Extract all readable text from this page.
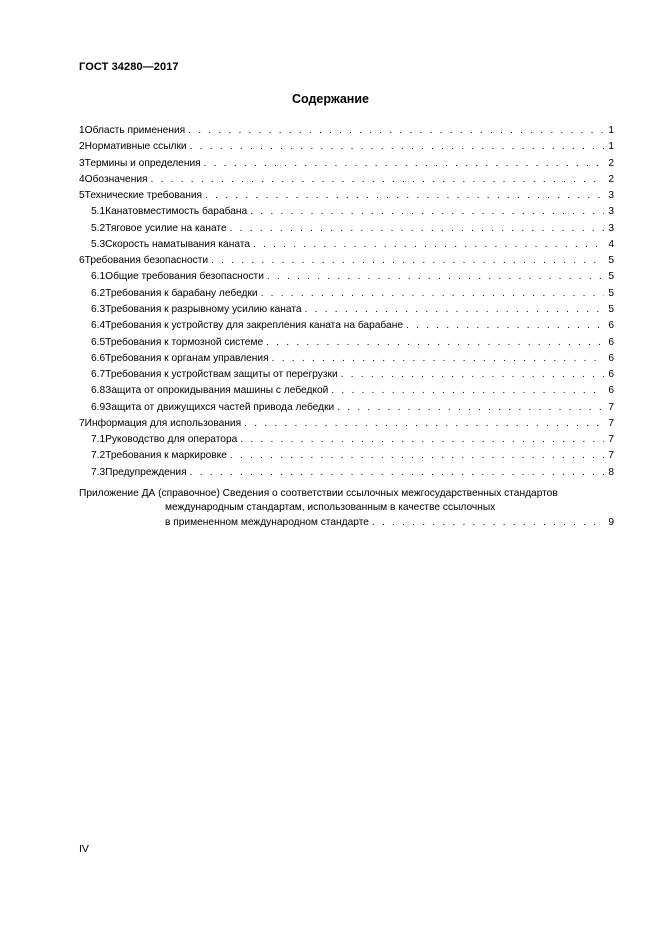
ГОСТ 34280—2017
Содержание
1 Область применения . . .	1
2 Нормативные ссылки . . .	1
3 Термины и определения . . .	2
4 Обозначения . . .	2
5 Технические требования . . .	3
5.1 Канатовместимость барабана . . .	3
5.2 Тяговое усилие на канате . . .	3
5.3 Скорость наматывания каната . . .	4
6 Требования безопасности . . .	5
6.1 Общие требования безопасности . . .	5
6.2 Требования к барабану лебедки . . .	5
6.3 Требования к разрывному усилию каната . . .	5
6.4 Требования к устройству для закрепления каната на барабане . . .	6
6.5 Требования к тормозной системе . . .	6
6.6 Требования к органам управления . . .	6
6.7 Требования к устройствам защиты от перегрузки . . .	6
6.8 Защита от опрокидывания машины с лебедкой . . .	6
6.9 Защита от движущихся частей привода лебедки . . .	7
7 Информация для использования . . .	7
7.1 Руководство для оператора . . .	7
7.2 Требования к маркировке . . .	7
7.3 Предупреждения . . .	8
Приложение ДА (справочное) Сведения о соответствии ссылочных межгосударственных стандартов
международным стандартам, использованным в качестве ссылочных
в примененном международном стандарте . . .	9
IV
